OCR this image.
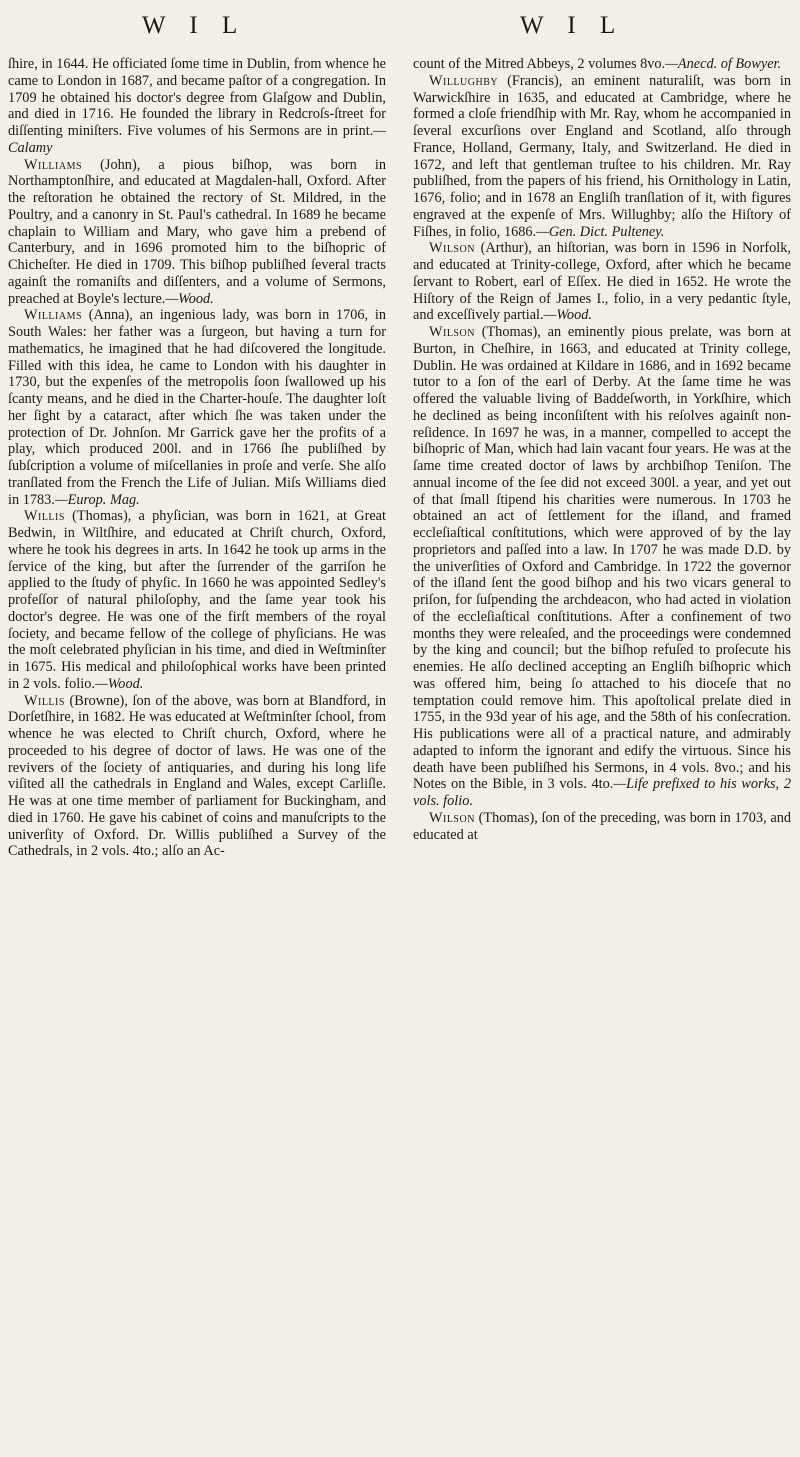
W I L	W I L

ſhire, in 1644. He officiated ſome time in Dublin, from whence he came to London in 1687, and became paſtor of a congregation. In 1709 he obtained his doctor's degree from Glaſgow and Dublin, and died in 1716. He founded the library in Redcroſs-ſtreet for diſſenting miniſters. Five volumes of his Sermons are in print.—Calamy

Williams (John), a pious biſhop, was born in Northamptonſhire, and educated at Magdalen-hall, Oxford. After the reſtoration he obtained the rectory of St. Mildred, in the Poultry, and a canonry in St. Paul's cathedral. In 1689 he became chaplain to William and Mary, who gave him a prebend of Canterbury, and in 1696 promoted him to the biſhopric of Chicheſter. He died in 1709. This biſhop publiſhed ſeveral tracts againſt the romaniſts and diſſenters, and a volume of Sermons, preached at Boyle's lecture.—Wood.

Williams (Anna), an ingenious lady, was born in 1706, in South Wales: her father was a ſurgeon, but having a turn for mathematics, he imagined that he had diſcovered the longitude. Filled with this idea, he came to London with his daughter in 1730, but the expenſes of the metropolis ſoon ſwallowed up his ſcanty means, and he died in the Charter-houſe. The daughter loſt her ſight by a cataract, after which ſhe was taken under the protection of Dr. Johnſon. Mr Garrick gave her the profits of a play, which produced 200l. and in 1766 ſhe publiſhed by ſubſcription a volume of miſcellanies in proſe and verſe. She alſo tranſlated from the French the Life of Julian. Miſs Williams died in 1783.—Europ. Mag.

Willis (Thomas), a phyſician, was born in 1621, at Great Bedwin, in Wiltſhire, and educated at Chriſt church, Oxford, where he took his degrees in arts. In 1642 he took up arms in the ſervice of the king, but after the ſurrender of the garriſon he applied to the ſtudy of phyſic. In 1660 he was appointed Sedley's profeſſor of natural philoſophy, and the ſame year took his doctor's degree. He was one of the firſt members of the royal ſociety, and became fellow of the college of phyſicians. He was the moſt celebrated phyſician in his time, and died in Weſtminſter in 1675. His medical and philoſophical works have been printed in 2 vols. folio.—Wood.

Willis (Browne), ſon of the above, was born at Blandford, in Dorſetſhire, in 1682. He was educated at Weſtminſter ſchool, from whence he was elected to Chriſt church, Oxford, where he proceeded to his degree of doctor of laws. He was one of the revivers of the ſociety of antiquaries, and during his long life viſited all the cathedrals in England and Wales, except Carliſle. He was at one time member of parliament for Buckingham, and died in 1760. He gave his cabinet of coins and manuſcripts to the univerſity of Oxford. Dr. Willis publiſhed a Survey of the Cathedrals, in 2 vols. 4to.; alſo an Ac-

count of the Mitred Abbeys, 2 volumes 8vo.—Anecd. of Bowyer.

Willughby (Francis), an eminent naturaliſt, was born in Warwickſhire in 1635, and educated at Cambridge, where he formed a cloſe friendſhip with Mr. Ray, whom he accompanied in ſeveral excurſions over England and Scotland, alſo through France, Holland, Germany, Italy, and Switzerland. He died in 1672, and left that gentleman truſtee to his children. Mr. Ray publiſhed, from the papers of his friend, his Ornithology in Latin, 1676, folio; and in 1678 an Engliſh tranſlation of it, with figures engraved at the expenſe of Mrs. Willughby; alſo the Hiſtory of Fiſhes, in folio, 1686.—Gen. Dict. Pulteney.

Wilson (Arthur), an hiſtorian, was born in 1596 in Norfolk, and educated at Trinity-college, Oxford, after which he became ſervant to Robert, earl of Eſſex. He died in 1652. He wrote the Hiſtory of the Reign of James I., folio, in a very pedantic ſtyle, and exceſſively partial.—Wood.

Wilson (Thomas), an eminently pious prelate, was born at Burton, in Cheſhire, in 1663, and educated at Trinity college, Dublin. He was ordained at Kildare in 1686, and in 1692 became tutor to a ſon of the earl of Derby. At the ſame time he was offered the valuable living of Baddeſworth, in Yorkſhire, which he declined as being inconſiſtent with his reſolves againſt non-reſidence. In 1697 he was, in a manner, compelled to accept the biſhopric of Man, which had lain vacant four years. He was at the ſame time created doctor of laws by archbiſhop Teniſon. The annual income of the ſee did not exceed 300l. a year, and yet out of that ſmall ſtipend his charities were numerous. In 1703 he obtained an act of ſettlement for the iſland, and framed eccleſiaſtical conſtitutions, which were approved of by the lay proprietors and paſſed into a law. In 1707 he was made D.D. by the univerſities of Oxford and Cambridge. In 1722 the governor of the iſland ſent the good biſhop and his two vicars general to priſon, for ſuſpending the archdeacon, who had acted in violation of the eccleſiaſtical conſtitutions. After a confinement of two months they were releaſed, and the proceedings were condemned by the king and council; but the biſhop refuſed to proſecute his enemies. He alſo declined accepting an Engliſh biſhopric which was offered him, being ſo attached to his dioceſe that no temptation could remove him. This apoſtolical prelate died in 1755, in the 93d year of his age, and the 58th of his conſecration. His publications were all of a practical nature, and admirably adapted to inform the ignorant and edify the virtuous. Since his death have been publiſhed his Sermons, in 4 vols. 8vo.; and his Notes on the Bible, in 3 vols. 4to.—Life prefixed to his works, 2 vols. folio.

Wilson (Thomas), ſon of the preceding, was born in 1703, and educated at
